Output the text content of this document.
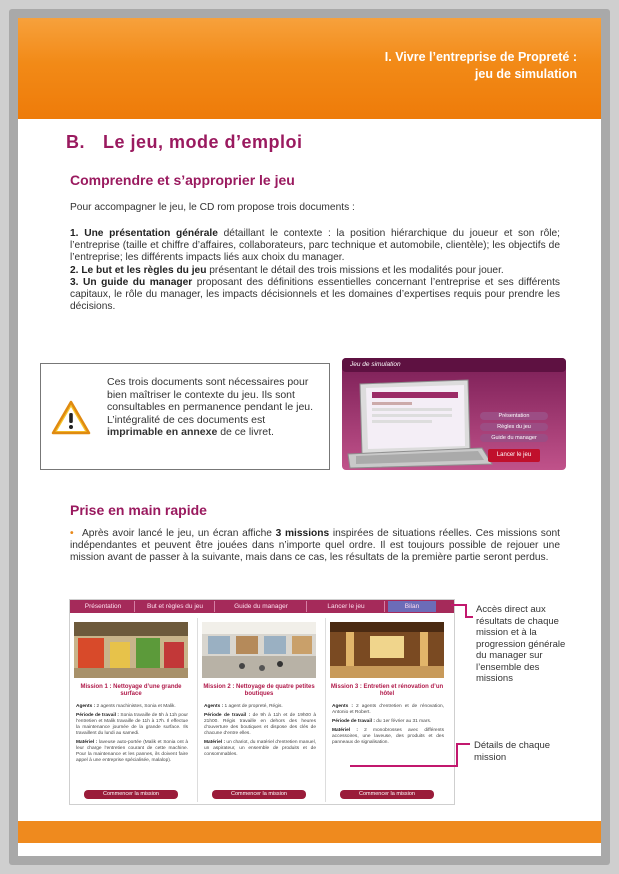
I. Vivre l’entreprise de Propreté :
jeu de simulation
B. Le jeu, mode d’emploi
Comprendre et s’approprier le jeu
Pour accompagner le jeu, le CD rom propose trois documents :
1. Une présentation générale détaillant le contexte : la position hiérarchique du joueur et son rôle; l’entreprise (taille et chiffre d’affaires, collaborateurs, parc technique et automobile, clientèle); les objectifs de l’entreprise; les différents impacts liés aux choix du manager.
2. Le but et les règles du jeu présentant le détail des trois missions et les modalités pour jouer.
3. Un guide du manager proposant des définitions essentielles concernant l’entreprise et ses différents capitaux, le rôle du manager, les impacts décisionnels et les domaines d’expertises requis pour prendre les décisions.
Ces trois documents sont nécessaires pour bien maîtriser le contexte du jeu. Ils sont consultables en permanence pendant le jeu.
L’intégralité de ces documents est imprimable en annexe de ce livret.
Jeu de simulation
Présentation
Règles du jeu
Guide du manager
Lancer le jeu
Prise en main rapide
• Après avoir lancé le jeu, un écran affiche 3 missions inspirées de situations réelles. Ces missions sont indépendantes et peuvent être jouées dans n’importe quel ordre. Il est toujours possible de rejouer une mission avant de passer à la suivante, mais dans ce cas, les résultats de la première partie seront perdus.
Présentation	But et règles du jeu	Guide du manager	Lancer le jeu	Bilan
Mission 1 : Nettoyage d’une grande surface
Agents : 2 agents machinistes, Sonia et Malik.
Période de travail : Sonia travaille de 5h à 11h pour l’entretien et Malik travaille de 11h à 17h. Il effectue la maintenance journée de la grande surface. Ils travaillent du lundi au samedi.
Matériel : laveuse auto-portée (Malik et Sonia ont à leur charge l’entretien courant de cette machine. Pour la maintenance et les pannes, ils doivent faire appel à une entreprise spécialisée, malalop).
Commencer la mission
Mission 2 : Nettoyage de quatre petites boutiques
Agents : 1 agent de propreté, Régis.
Période de travail : de 9h à 11h et de 19h00 à 21h00. Régis travaille en dehors des heures d’ouverture des boutiques et dispose des clés de chacune d’entre elles.
Matériel : un chariot, du matériel d’entretien manuel, un aspirateur, un ensemble de produits et de consommables.
Commencer la mission
Mission 3 : Entretien et rénovation d’un hôtel
Agents : 2 agents d’entretien et de rénovation, Antonio et Robert.
Période de travail : du 1er février au 31 mars.
Matériel : 2 monobrosses avec différents accessoires, une laveuse, des produits et des panneaux de signalisation.
Commencer la mission
Accès direct aux résultats de chaque mission et à la progression générale du manager sur l’ensemble des missions
Détails de chaque mission
